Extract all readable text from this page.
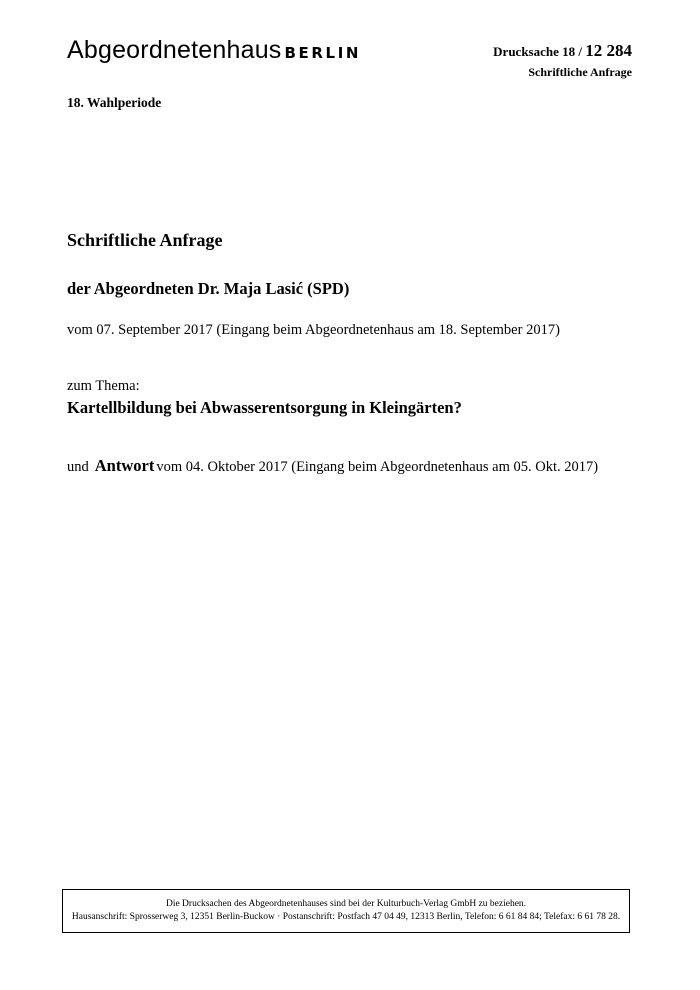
Abgeordnetenhaus BERLIN	Drucksache 18 / 12 284
Schriftliche Anfrage
18. Wahlperiode
Schriftliche Anfrage
der Abgeordneten Dr. Maja Lasić (SPD)
vom 07. September 2017 (Eingang beim Abgeordnetenhaus am 18. September 2017)
zum Thema:
Kartellbildung bei Abwasserentsorgung in Kleingärten?
und Antwort vom 04. Oktober 2017 (Eingang beim Abgeordnetenhaus am 05. Okt. 2017)
Die Drucksachen des Abgeordnetenhauses sind bei der Kulturbuch-Verlag GmbH zu beziehen.
Hausanschrift: Sprosserweg 3, 12351 Berlin-Buckow · Postanschrift: Postfach 47 04 49, 12313 Berlin, Telefon: 6 61 84 84; Telefax: 6 61 78 28.
